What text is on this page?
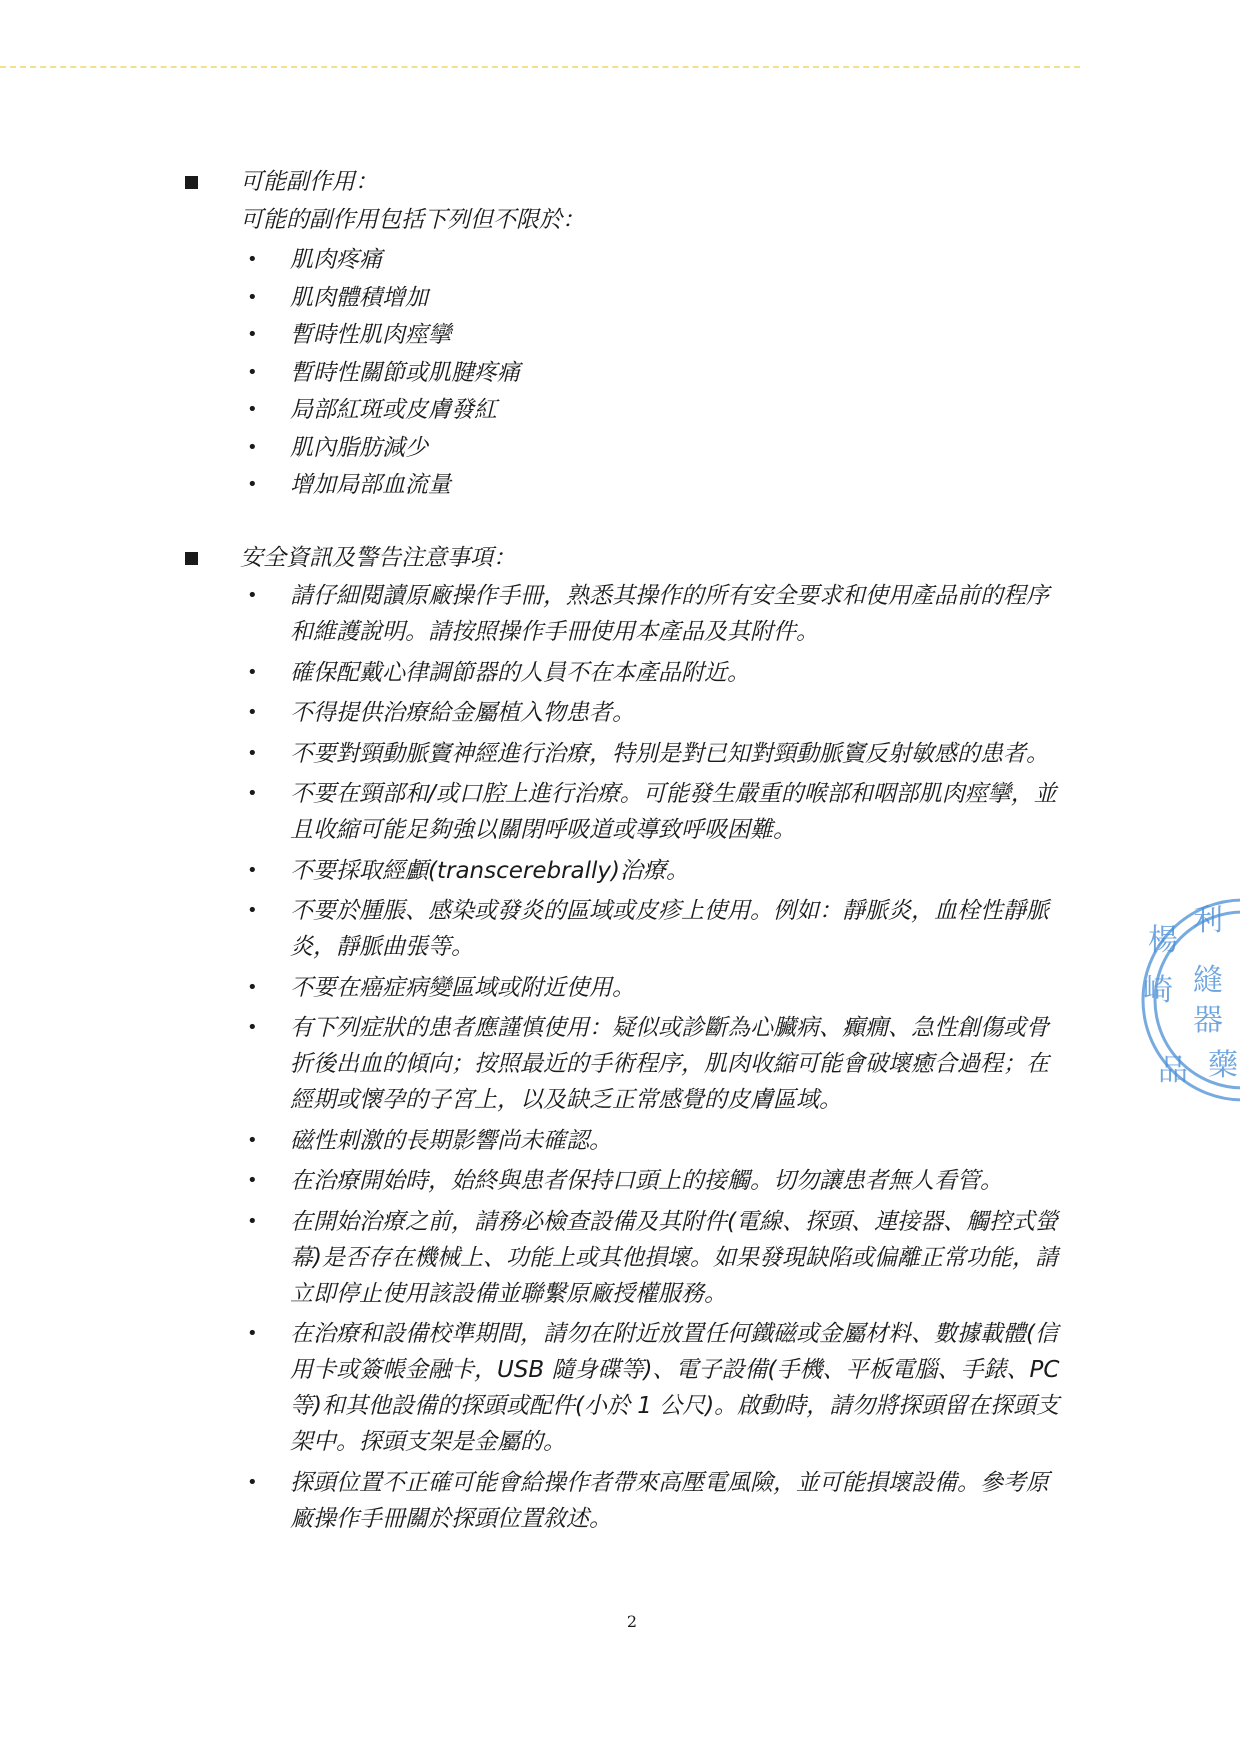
可能副作用：
可能的副作用包括下列但不限於：
• 肌肉疼痛
• 肌肉體積增加
• 暫時性肌肉痙攣
• 暫時性關節或肌腱疼痛
• 局部紅斑或皮膚發紅
• 肌內脂肪減少
• 增加局部血流量
安全資訊及警告注意事項：
• 請仔細閱讀原廠操作手冊，熟悉其操作的所有安全要求和使用產品前的程序和維護說明。請按照操作手冊使用本產品及其附件。
• 確保配戴心律調節器的人員不在本產品附近。
• 不得提供治療給金屬植入物患者。
• 不要對頸動脈竇神經進行治療，特別是對已知對頸動脈竇反射敏感的患者。
• 不要在頸部和/或口腔上進行治療。可能發生嚴重的喉部和咽部肌肉痙攣，並且收縮可能足夠強以關閉呼吸道或導致呼吸困難。
• 不要採取經顱(transcerebrally)治療。
• 不要於腫脹、感染或發炎的區域或皮疹上使用。例如：靜脈炎，血栓性靜脈炎，靜脈曲張等。
• 不要在癌症病變區域或附近使用。
• 有下列症狀的患者應謹慎使用：疑似或診斷為心臟病、癲癇、急性創傷或骨折後出血的傾向；按照最近的手術程序，肌肉收縮可能會破壞癒合過程；在經期或懷孕的子宮上，以及缺乏正常感覺的皮膚區域。
• 磁性刺激的長期影響尚未確認。
• 在治療開始時，始終與患者保持口頭上的接觸。切勿讓患者無人看管。
• 在開始治療之前，請務必檢查設備及其附件(電線、探頭、連接器、觸控式螢幕)是否存在機械上、功能上或其他損壞。如果發現缺陷或偏離正常功能，請立即停止使用該設備並聯繫原廠授權服務。
• 在治療和設備校準期間，請勿在附近放置任何鐵磁或金屬材料、數據載體(信用卡或簽帳金融卡，USB 隨身碟等)、電子設備(手機、平板電腦、手錶、PC 等)和其他設備的探頭或配件(小於 1 公尺)。啟動時，請勿將探頭留在探頭支架中。探頭支架是金屬的。
• 探頭位置不正確可能會給操作者帶來高壓電風險，並可能損壞設備。參考原廠操作手冊關於探頭位置敘述。
2
楊
利
崎 縫
器
品 藥
